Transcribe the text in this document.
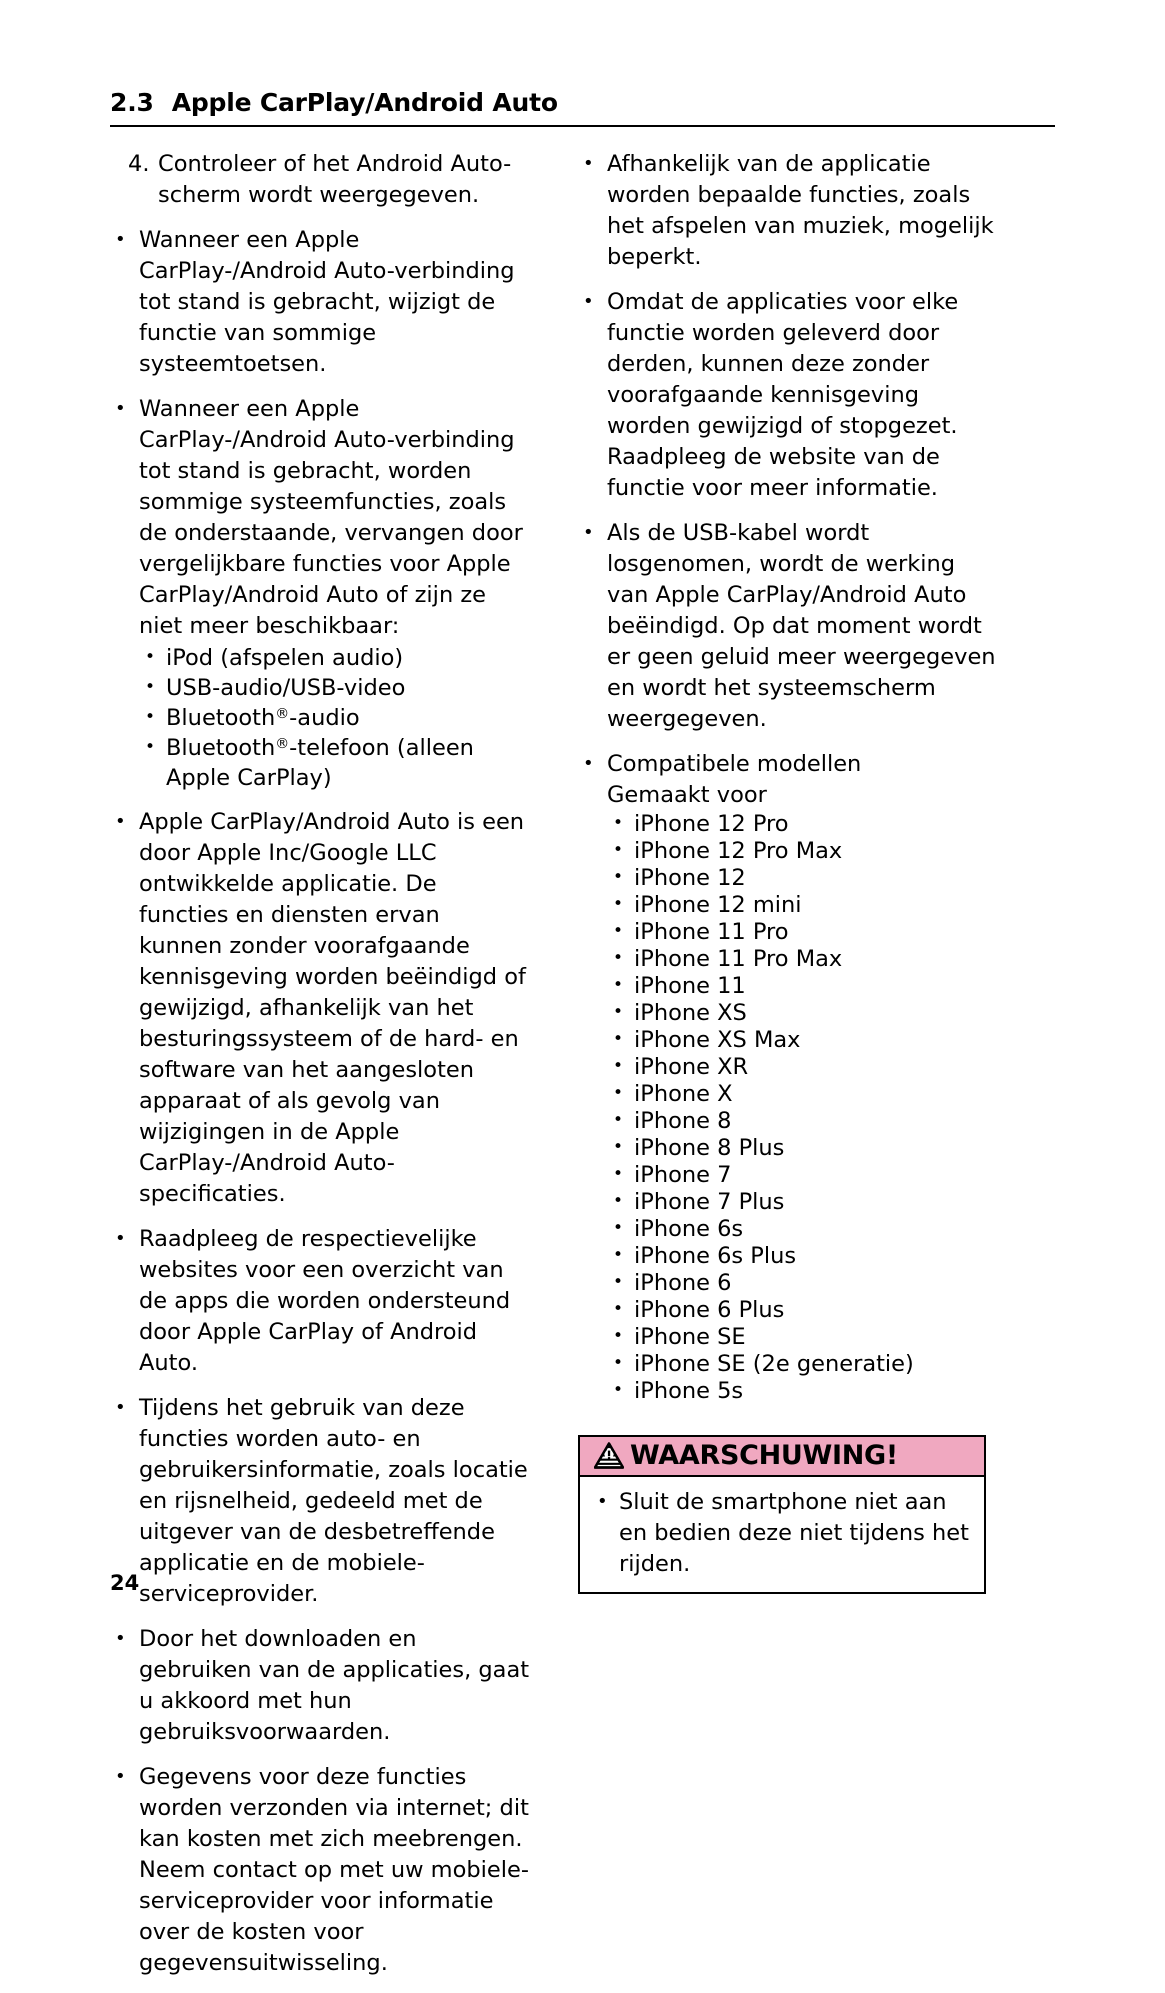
2.3 Apple CarPlay/Android Auto
4. Controleer of het Android Auto-scherm wordt weergegeven.
• Wanneer een Apple CarPlay-/Android Auto-verbinding tot stand is gebracht, wijzigt de functie van sommige systeemtoetsen.
• Wanneer een Apple CarPlay-/Android Auto-verbinding tot stand is gebracht, worden sommige systeemfuncties, zoals de onderstaande, vervangen door vergelijkbare functies voor Apple CarPlay/Android Auto of zijn ze niet meer beschikbaar:
• iPod (afspelen audio)
• USB-audio/USB-video
• Bluetooth®-audio
• Bluetooth®-telefoon (alleen Apple CarPlay)
• Apple CarPlay/Android Auto is een door Apple Inc/Google LLC ontwikkelde applicatie. De functies en diensten ervan kunnen zonder voorafgaande kennisgeving worden beëindigd of gewijzigd, afhankelijk van het besturingssysteem of de hard- en software van het aangesloten apparaat of als gevolg van wijzigingen in de Apple CarPlay-/Android Auto-specificaties.
• Raadpleeg de respectievelijke websites voor een overzicht van de apps die worden ondersteund door Apple CarPlay of Android Auto.
• Tijdens het gebruik van deze functies worden auto- en gebruikersinformatie, zoals locatie en rijsnelheid, gedeeld met de uitgever van de desbetreffende applicatie en de mobiele-serviceprovider.
• Door het downloaden en gebruiken van de applicaties, gaat u akkoord met hun gebruiksvoorwaarden.
• Gegevens voor deze functies worden verzonden via internet; dit kan kosten met zich meebrengen. Neem contact op met uw mobiele-serviceprovider voor informatie over de kosten voor gegevensuitwisseling.
• Afhankelijk van de applicatie worden bepaalde functies, zoals het afspelen van muziek, mogelijk beperkt.
• Omdat de applicaties voor elke functie worden geleverd door derden, kunnen deze zonder voorafgaande kennisgeving worden gewijzigd of stopgezet. Raadpleeg de website van de functie voor meer informatie.
• Als de USB-kabel wordt losgenomen, wordt de werking van Apple CarPlay/Android Auto beëindigd. Op dat moment wordt er geen geluid meer weergegeven en wordt het systeemscherm weergegeven.
• Compatibele modellen
Gemaakt voor
• iPhone 12 Pro
• iPhone 12 Pro Max
• iPhone 12
• iPhone 12 mini
• iPhone 11 Pro
• iPhone 11 Pro Max
• iPhone 11
• iPhone XS
• iPhone XS Max
• iPhone XR
• iPhone X
• iPhone 8
• iPhone 8 Plus
• iPhone 7
• iPhone 7 Plus
• iPhone 6s
• iPhone 6s Plus
• iPhone 6
• iPhone 6 Plus
• iPhone SE
• iPhone SE (2e generatie)
• iPhone 5s
WAARSCHUWING!
• Sluit de smartphone niet aan en bedien deze niet tijdens het rijden.
24
